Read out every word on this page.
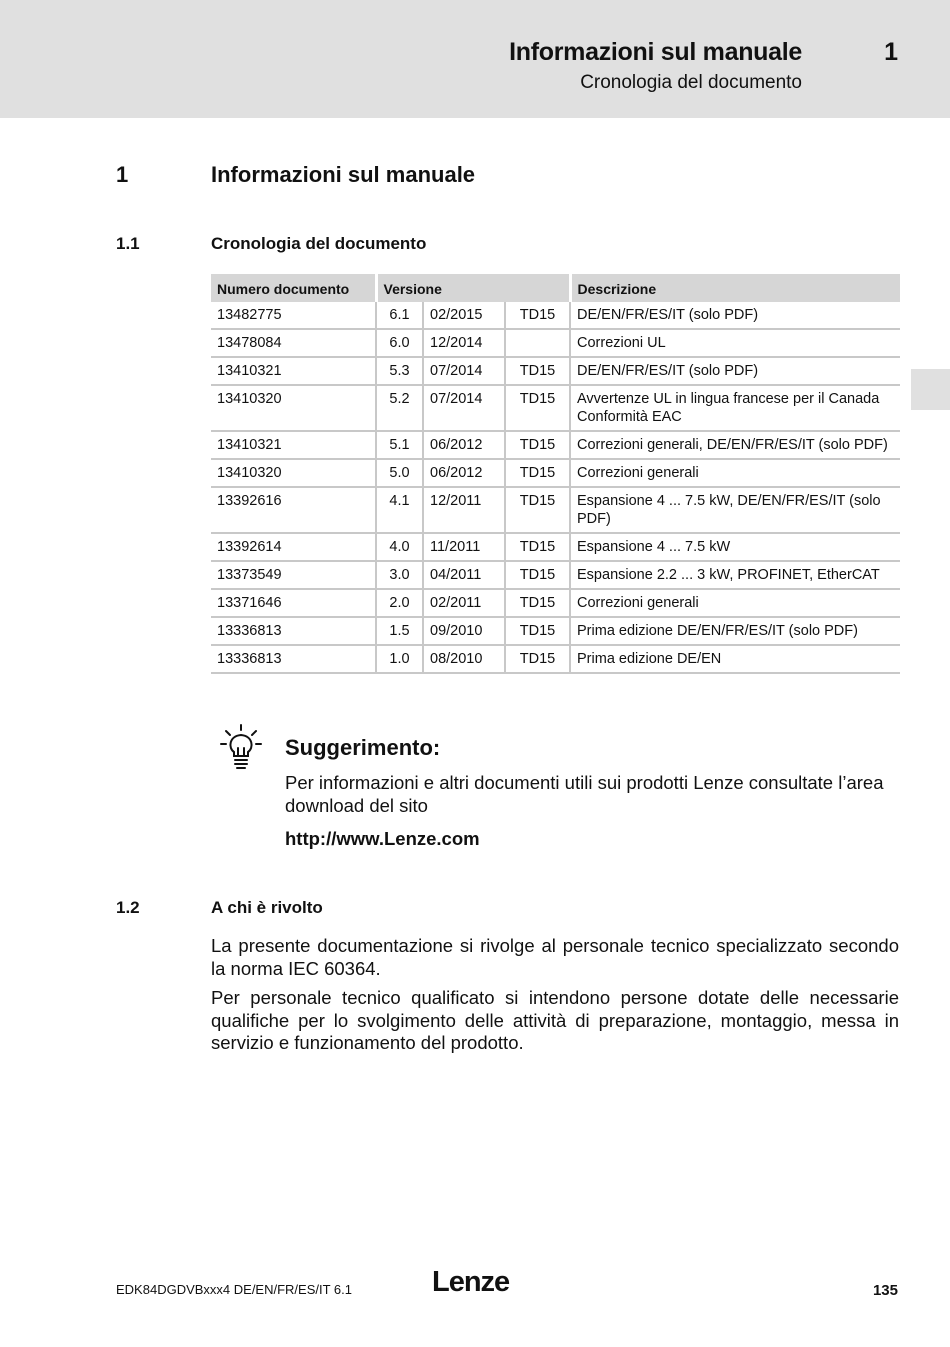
Informazioni sul manuale	1
Cronologia del documento
1	Informazioni sul manuale
1.1	Cronologia del documento
Numero documento	Versione			Descrizione
13482775	6.1	02/2015	TD15	DE/EN/FR/ES/IT (solo PDF)
13478084	6.0	12/2014		Correzioni UL
13410321	5.3	07/2014	TD15	DE/EN/FR/ES/IT (solo PDF)
13410320	5.2	07/2014	TD15	Avvertenze UL in lingua francese per il Canada
Conformità EAC

13410321	5.1	06/2012	TD15	Correzioni generali, DE/EN/FR/ES/IT (solo PDF)
13410320	5.0	06/2012	TD15	Correzioni generali
13392616	4.1	12/2011	TD15	Espansione 4 ... 7.5 kW, DE/EN/FR/ES/IT (solo PDF)
13392614	4.0	11/2011	TD15	Espansione 4 ... 7.5 kW
13373549	3.0	04/2011	TD15	Espansione 2.2 ... 3 kW, PROFINET, EtherCAT
13371646	2.0	02/2011	TD15	Correzioni generali
13336813	1.5	09/2010	TD15	Prima edizione DE/EN/FR/ES/IT (solo PDF)
13336813	1.0	08/2010	TD15	Prima edizione DE/EN
Suggerimento:
Per informazioni e altri documenti utili sui prodotti Lenze consultate l’area download del sito
http://www.Lenze.com
1.2	A chi è rivolto
La presente documentazione si rivolge al personale tecnico specializzato secondo la norma IEC 60364.
Per personale tecnico qualificato si intendono persone dotate delle necessarie qualifiche per lo svolgimento delle attività di preparazione, montaggio, messa in servizio e funzionamento del prodotto.
EDK84DGDVBxxx4 DE/EN/FR/ES/IT 6.1	Lenze	135
